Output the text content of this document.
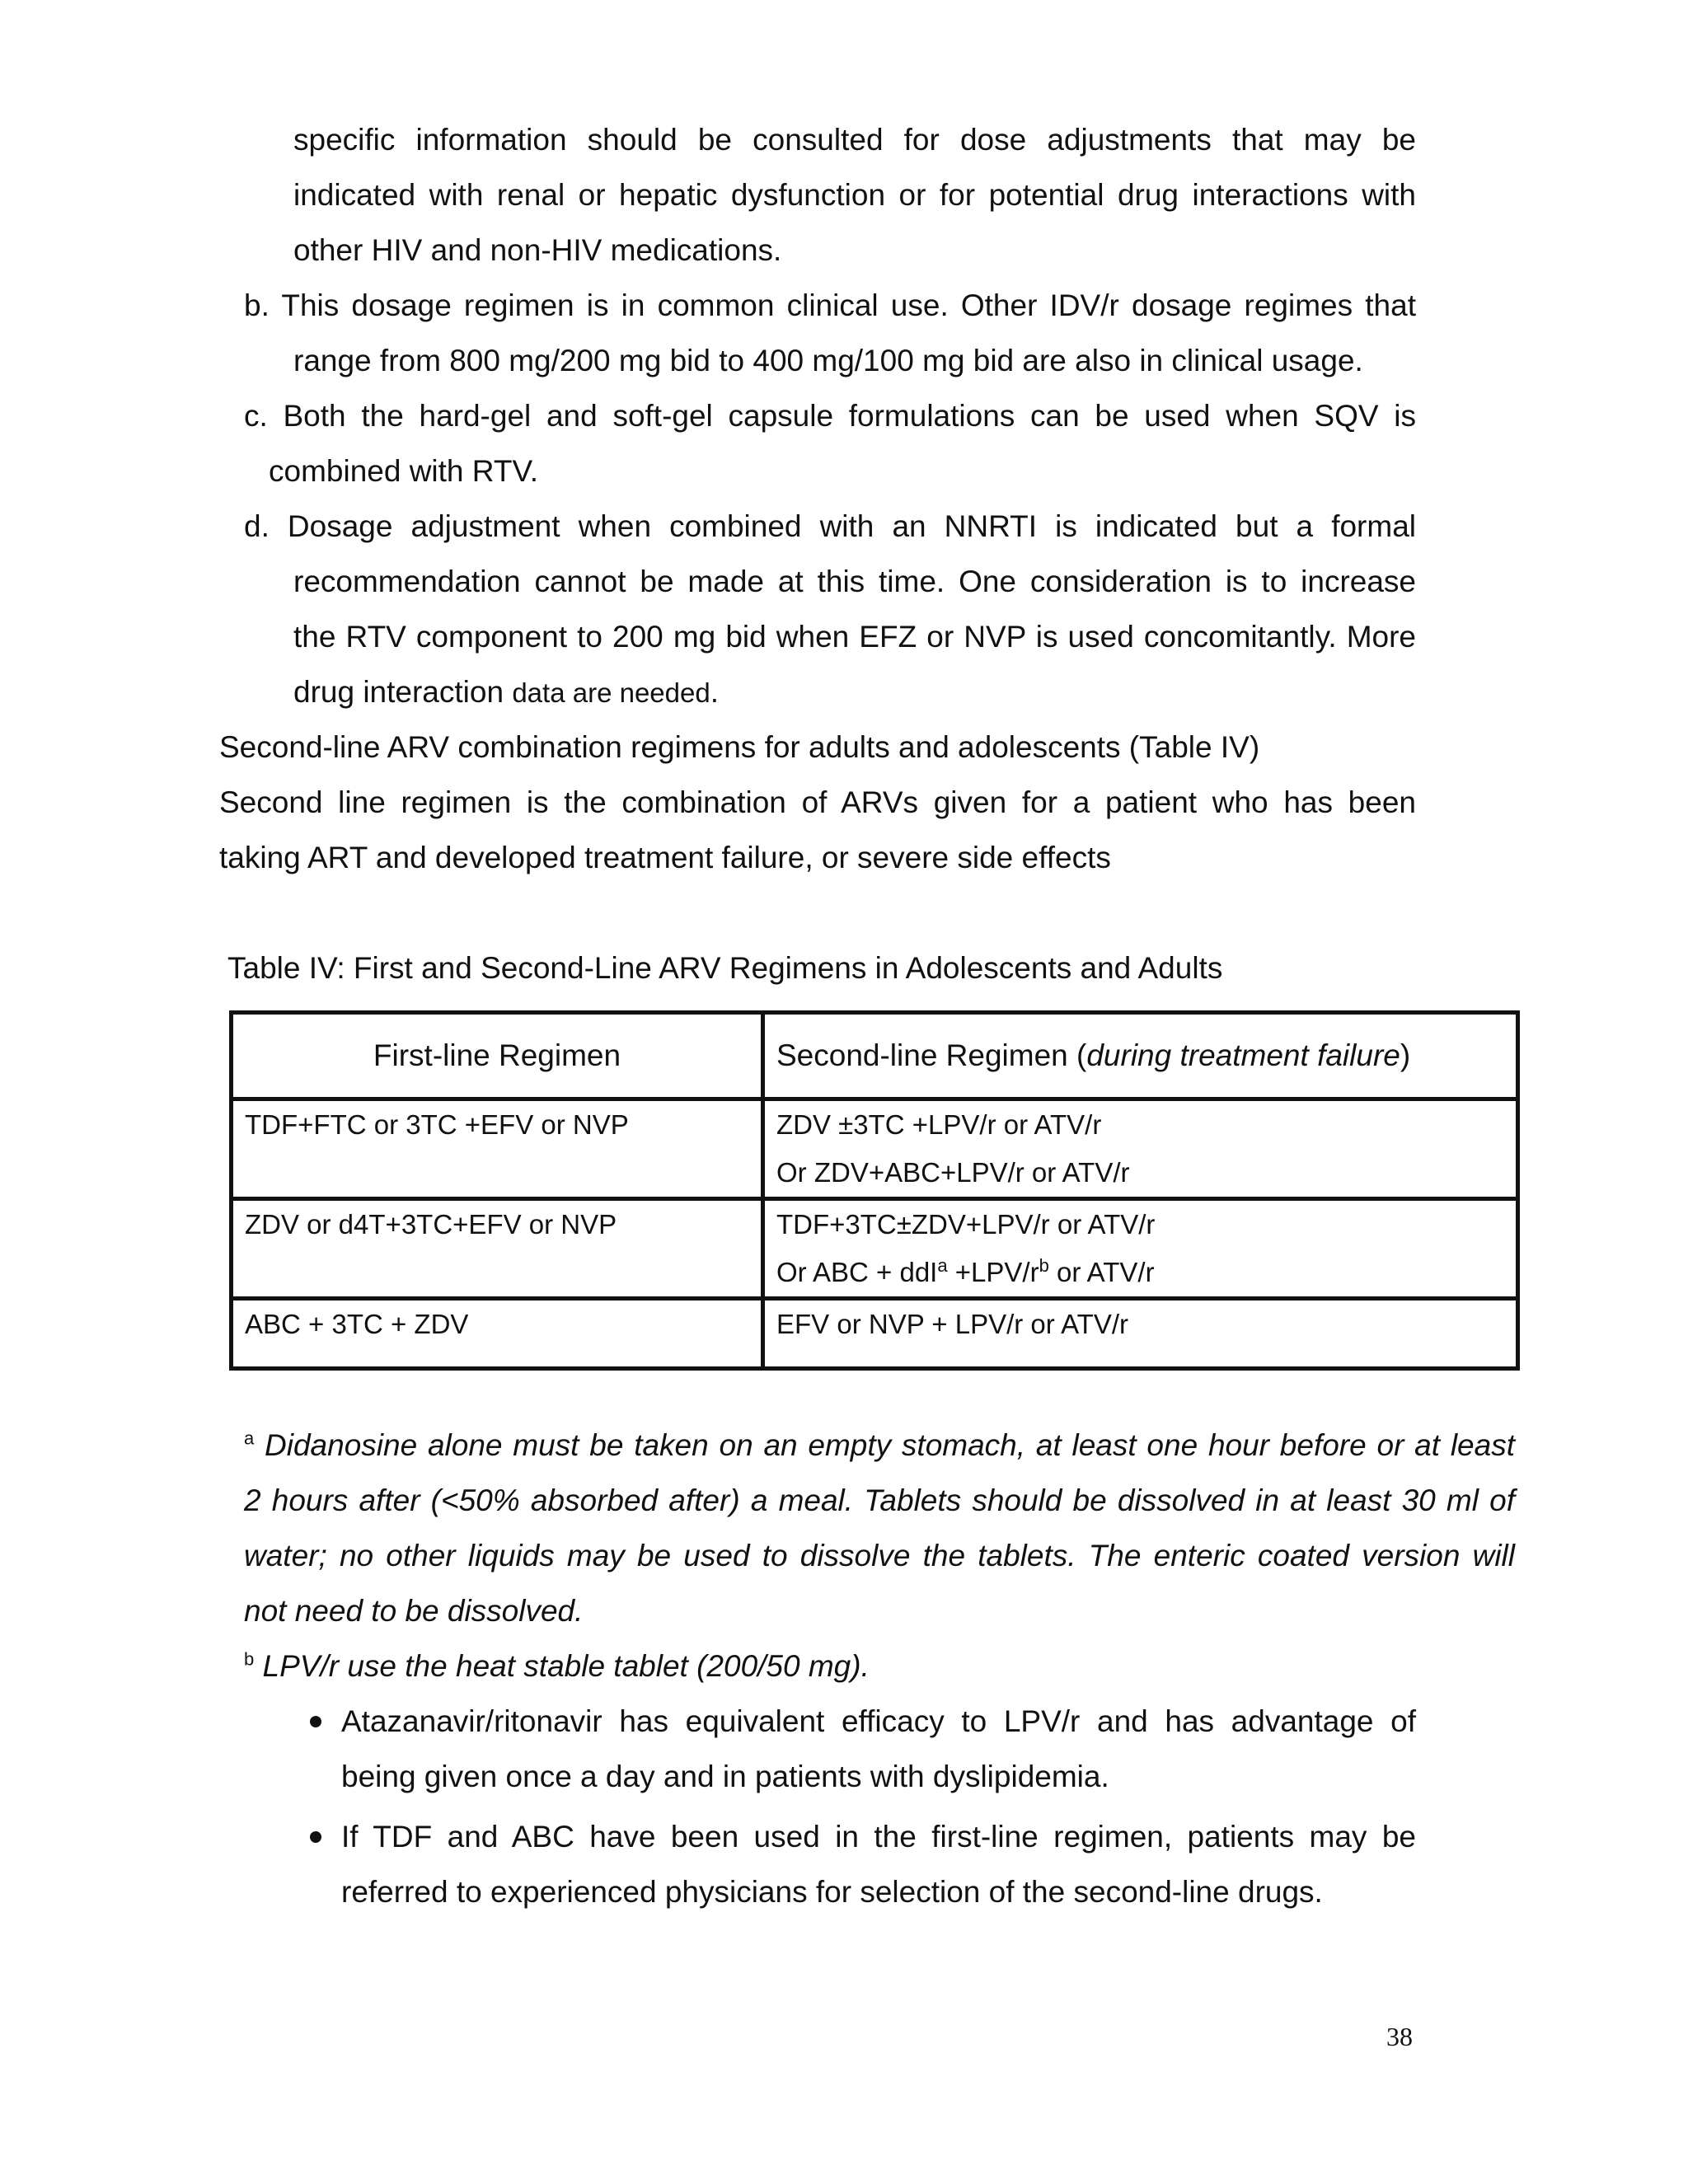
specific information should be consulted for dose adjustments that may be
indicated with renal or hepatic dysfunction or for potential drug interactions with
other HIV and non-HIV medications.
b. This dosage regimen is in common clinical use. Other IDV/r dosage regimes that
range from 800 mg/200 mg bid to 400 mg/100 mg bid are also in clinical usage.
c. Both the hard-gel and soft-gel capsule formulations can be used when SQV is
combined with RTV.
d. Dosage adjustment when combined with an NNRTI is indicated but a formal
recommendation cannot be made at this time. One consideration is to increase
the RTV component to 200 mg bid when EFZ or NVP is used concomitantly. More
drug interaction data are needed.
Second-line ARV combination regimens for adults and adolescents (Table IV)
Second line regimen is the combination of ARVs given for a patient who has been
taking ART and developed treatment failure, or severe side effects
Table IV: First and Second-Line ARV Regimens in Adolescents and Adults
First-line Regimen	Second-line Regimen (during treatment failure)
TDF+FTC or 3TC +EFV or NVP	ZDV ±3TC +LPV/r or ATV/r
Or ZDV+ABC+LPV/r or ATV/r

ZDV or d4T+3TC+EFV or NVP	TDF+3TC±ZDV+LPV/r or ATV/r
Or ABC + $ddI^a +LPV/r^b$ or ATV/r

ABC + 3TC + ZDV	EFV or NVP + LPV/r or ATV/r
$^a$ Didanosine alone must be taken on an empty stomach, at least one hour before or at least
2 hours after (<50% absorbed after) a meal. Tablets should be dissolved in at least 30 ml of
water; no other liquids may be used to dissolve the tablets. The enteric coated version will
not need to be dissolved.
$^b$ LPV/r use the heat stable tablet (200/50 mg).
Atazanavir/ritonavir has equivalent efficacy to LPV/r and has advantage of
being given once a day and in patients with dyslipidemia.
If TDF and ABC have been used in the first-line regimen, patients may be
referred to experienced physicians for selection of the second-line drugs.
38
